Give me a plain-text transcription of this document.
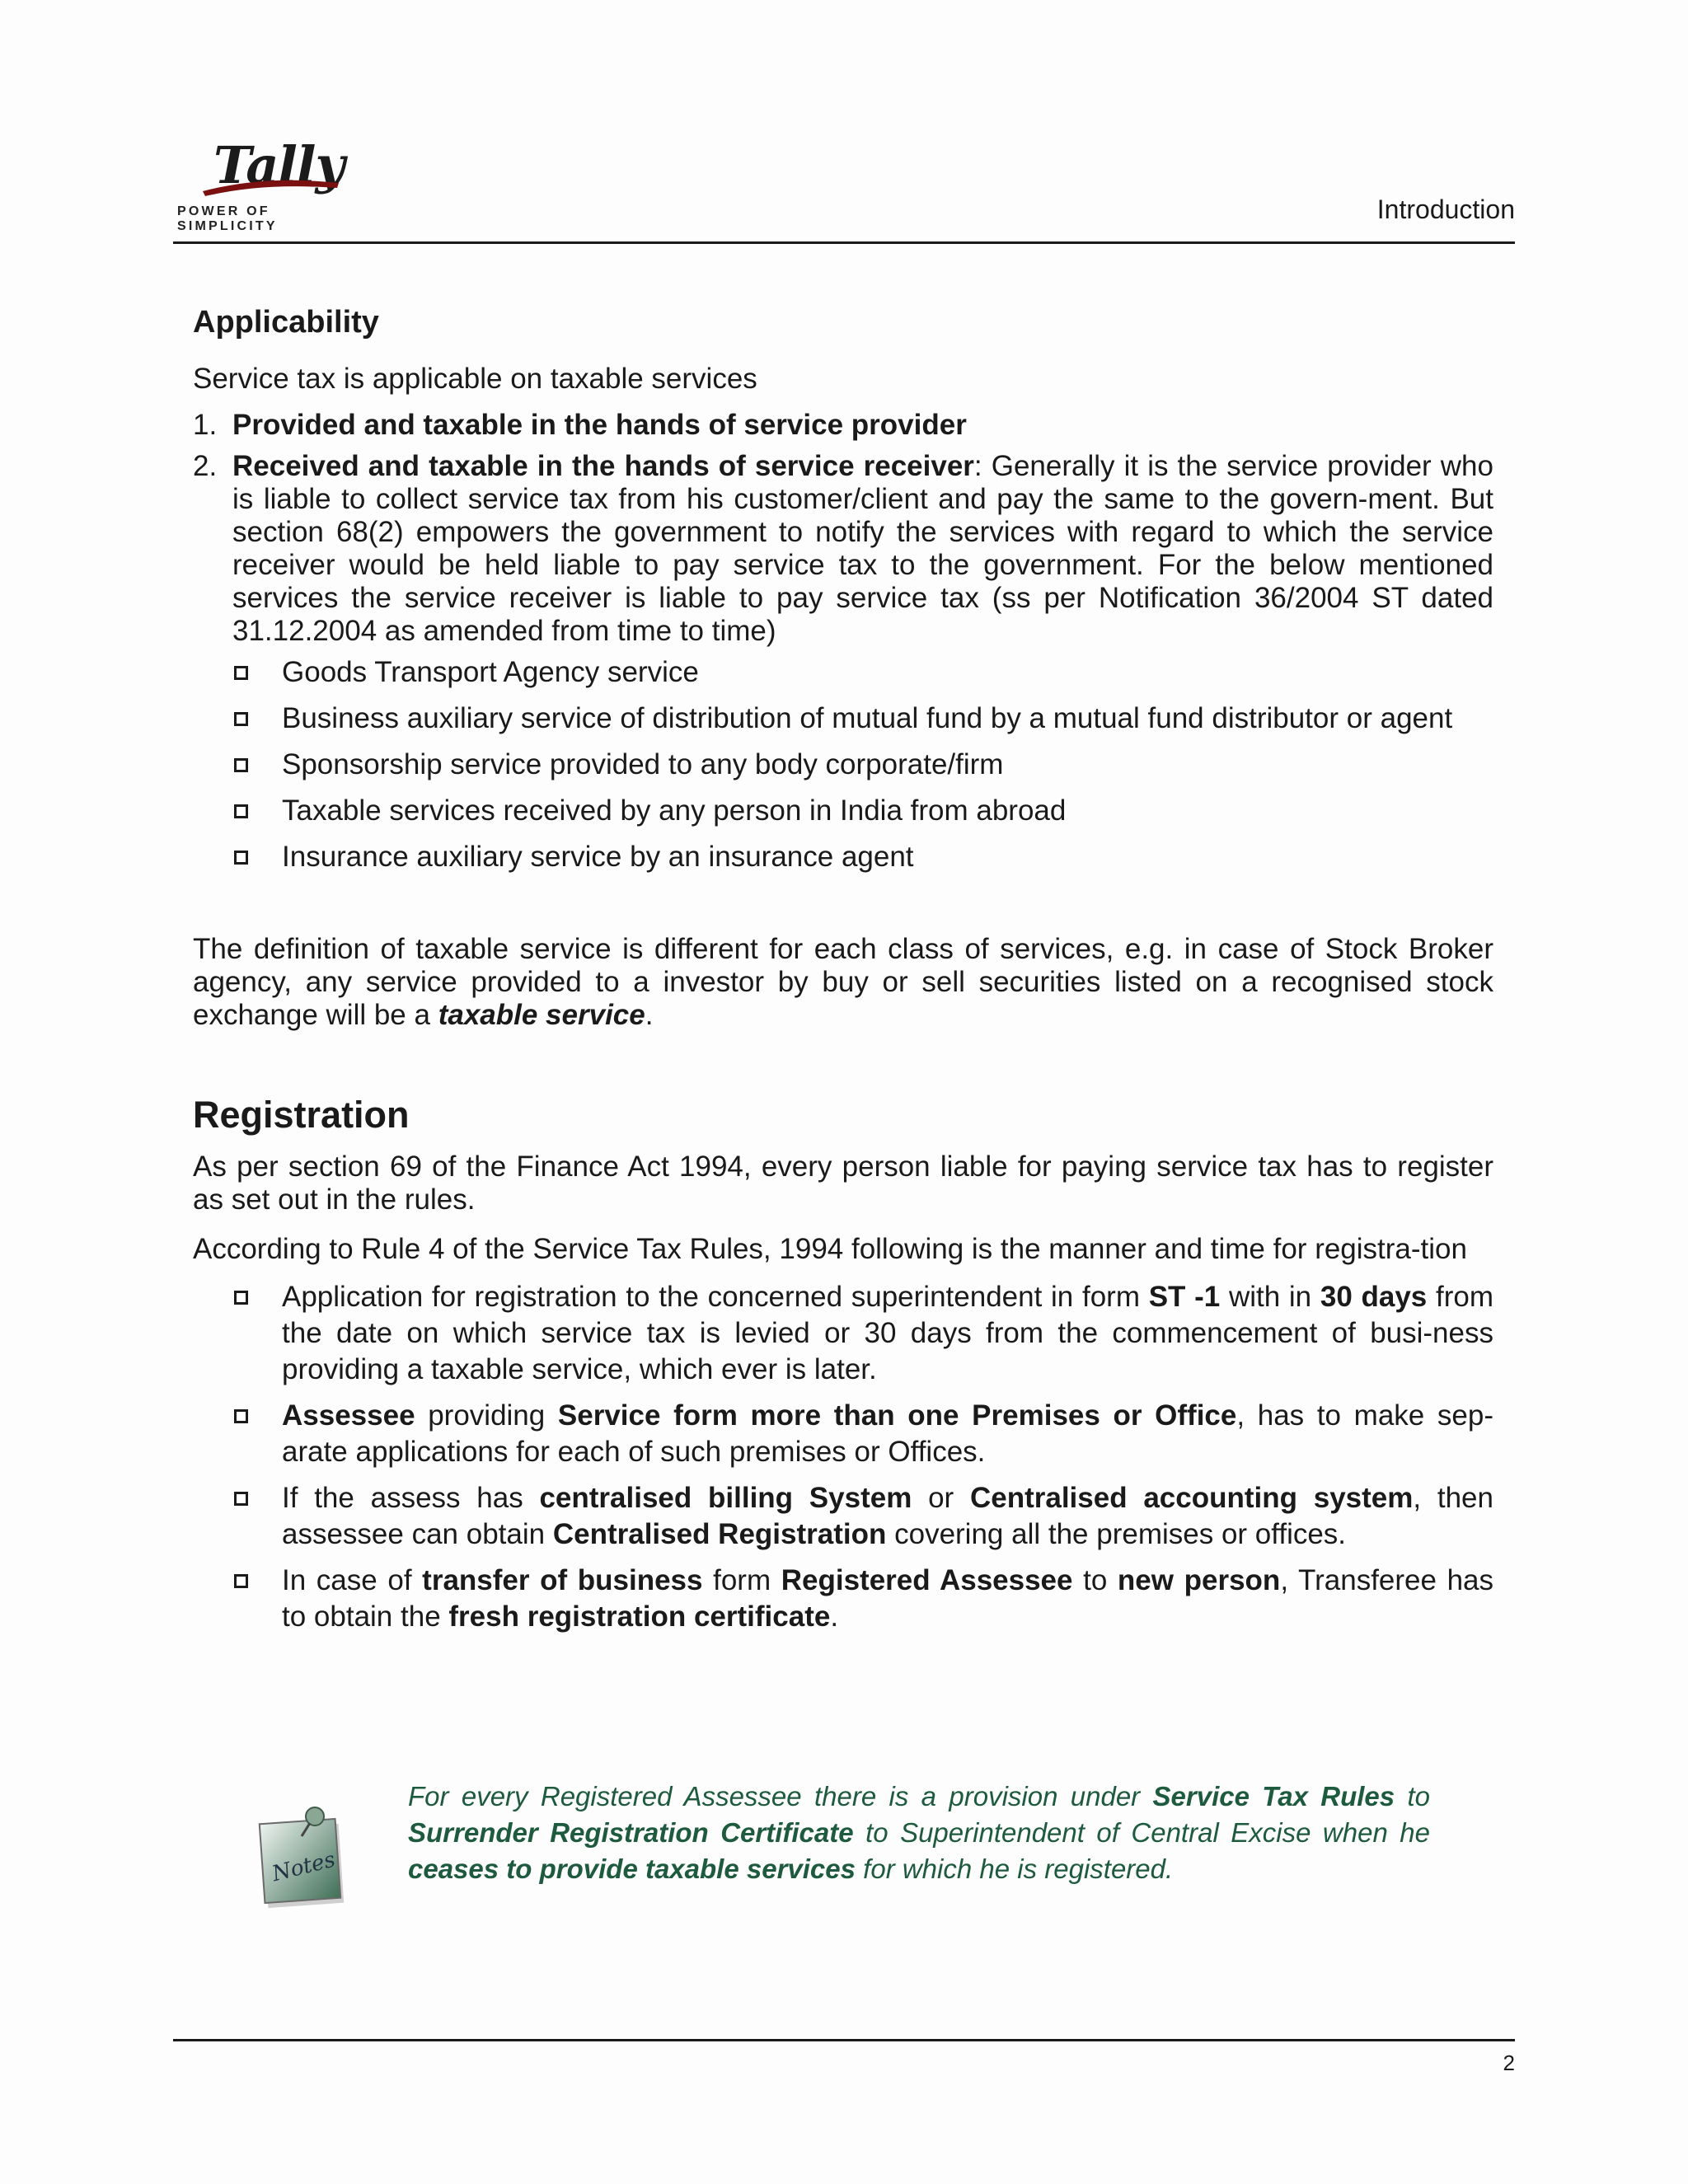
Tally
POWER OF SIMPLICITY
Introduction
Applicability

Service tax is applicable on taxable services

1. Provided and taxable in the hands of service provider
2. Received and taxable in the hands of service receiver: Generally it is the service provider who is liable to collect service tax from his customer/client and pay the same to the govern-ment. But section 68(2) empowers the government to notify the services with regard to which the service receiver would be held liable to pay service tax to the government. For the below mentioned services the service receiver is liable to pay service tax (ss per Notification 36/2004 ST dated 31.12.2004 as amended from time to time)
Goods Transport Agency service
Business auxiliary service of distribution of mutual fund by a mutual fund distributor or agent
Sponsorship service provided to any body corporate/firm
Taxable services received by any person in India from abroad
Insurance auxiliary service by an insurance agent

The definition of taxable service is different for each class of services, e.g. in case of Stock Broker agency, any service provided to a investor by buy or sell securities listed on a recognised stock exchange will be a taxable service.

Registration

As per section 69 of the Finance Act 1994, every person liable for paying service tax has to register as set out in the rules.

According to Rule 4 of the Service Tax Rules, 1994 following is the manner and time for registra-tion

Application for registration to the concerned superintendent in form ST -1 with in 30 days from the date on which service tax is levied or 30 days from the commencement of busi-ness providing a taxable service, which ever is later.
Assessee providing Service form more than one Premises or Office, has to make sep-arate applications for each of such premises or Offices.
If the assess has centralised billing System or Centralised accounting system, then assessee can obtain Centralised Registration covering all the premises or offices.
In case of transfer of business form Registered Assessee to new person, Transferee has to obtain the fresh registration certificate.
Notes
For every Registered Assessee there is a provision under Service Tax Rules to Surrender Registration Certificate to Superintendent of Central Excise when he ceases to provide taxable services for which he is registered.
2
